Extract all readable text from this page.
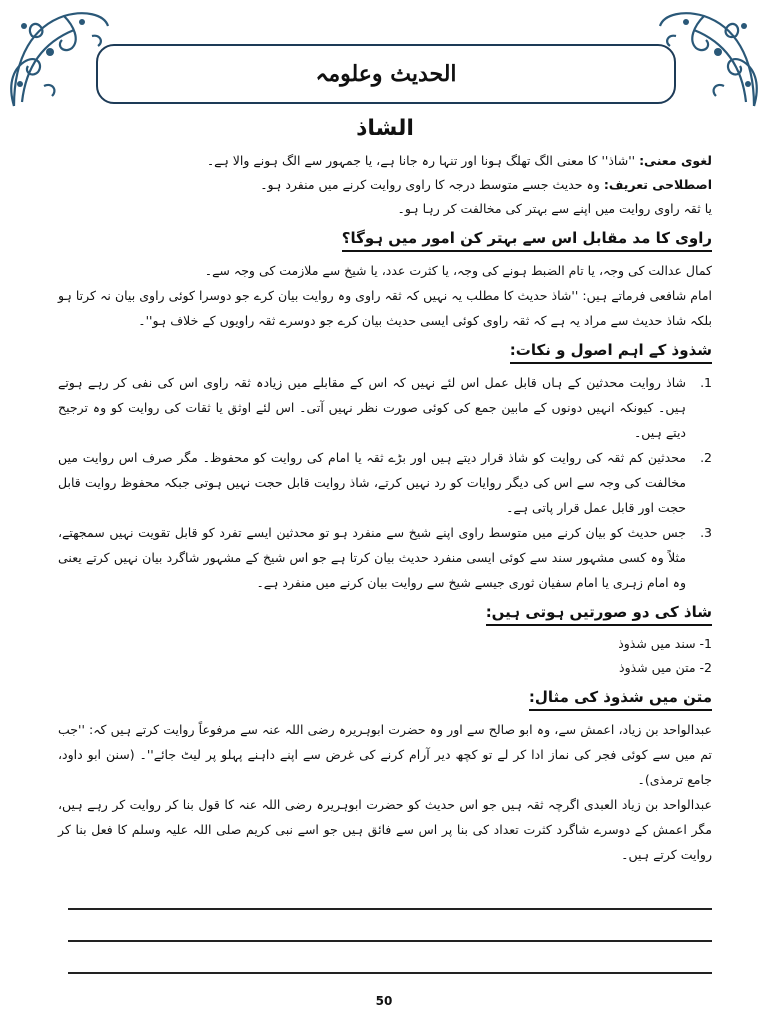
الحدیث وعلومہ
الشاذ
لغوی معنی: ''شاذ'' کا معنی الگ تھلگ ہونا اور تنہا رہ جانا ہے، یا جمہور سے الگ ہونے والا ہے۔
اصطلاحی تعریف: وہ حدیث جسے متوسط درجہ کا راوی روایت کرنے میں منفرد ہو۔
یا ثقہ راوی روایت میں اپنے سے بہتر کی مخالفت کر رہا ہو۔
راوی کا مد مقابل اس سے بہتر کن امور میں ہوگا؟
کمال عدالت کی وجہ، یا تام الضبط ہونے کی وجہ، یا کثرت عدد، یا شیخ سے ملازمت کی وجہ سے۔
امام شافعی فرماتے ہیں: ''شاذ حدیث کا مطلب یہ نہیں کہ ثقہ راوی وہ روایت بیان کرے جو دوسرا کوئی راوی بیان نہ کرتا ہو بلکہ شاذ حدیث سے مراد یہ ہے کہ ثقہ راوی کوئی ایسی حدیث بیان کرے جو دوسرے ثقہ راویوں کے خلاف ہو''۔
شذوذ کے اہم اصول و نکات:
1.
شاذ روایت محدثین کے ہاں قابل عمل اس لئے نہیں کہ اس کے مقابلے میں زیادہ ثقہ راوی اس کی نفی کر رہے ہوتے ہیں۔ کیونکہ انہیں دونوں کے مابین جمع کی کوئی صورت نظر نہیں آتی۔ اس لئے اوثق یا ثقات کی روایت کو وہ ترجیح دیتے ہیں۔
2.
محدثین کم ثقہ کی روایت کو شاذ قرار دیتے ہیں اور بڑے ثقہ یا امام کی روایت کو محفوظ۔ مگر صرف اس روایت میں مخالفت کی وجہ سے اس کی دیگر روایات کو رد نہیں کرتے، شاذ روایت قابل حجت نہیں ہوتی جبکہ محفوظ روایت قابل حجت اور قابل عمل قرار پاتی ہے۔
3.
جس حدیث کو بیان کرنے میں متوسط راوی اپنے شیخ سے منفرد ہو تو محدثین ایسے تفرد کو قابل تقویت نہیں سمجھتے، مثلاً وہ کسی مشہور سند سے کوئی ایسی منفرد حدیث بیان کرتا ہے جو اس شیخ کے مشہور شاگرد بیان نہیں کرتے یعنی وہ امام زہری یا امام سفیان ثوری جیسے شیخ سے روایت بیان کرنے میں منفرد ہے۔
شاذ کی دو صورتیں ہوتی ہیں:
1- سند میں شذوذ
2- متن میں شذوذ
متن میں شذوذ کی مثال:
عبدالواحد بن زیاد، اعمش سے، وہ ابو صالح سے اور وہ حضرت ابوہریرہ رضی اللہ عنہ سے مرفوعاً روایت کرتے ہیں کہ: ''جب تم میں سے کوئی فجر کی نماز ادا کر لے تو کچھ دیر آرام کرنے کی غرض سے اپنے داہنے پہلو پر لیٹ جائے''۔ (سنن ابو داود، جامع ترمذی)۔
عبدالواحد بن زیاد العبدی اگرچہ ثقہ ہیں جو اس حدیث کو حضرت ابوہریرہ رضی اللہ عنہ کا قول بنا کر روایت کر رہے ہیں، مگر اعمش کے دوسرے شاگرد کثرت تعداد کی بنا پر اس سے فائق ہیں جو اسے نبی کریم صلی اللہ علیہ وسلم کا فعل بنا کر روایت کرتے ہیں۔
50
